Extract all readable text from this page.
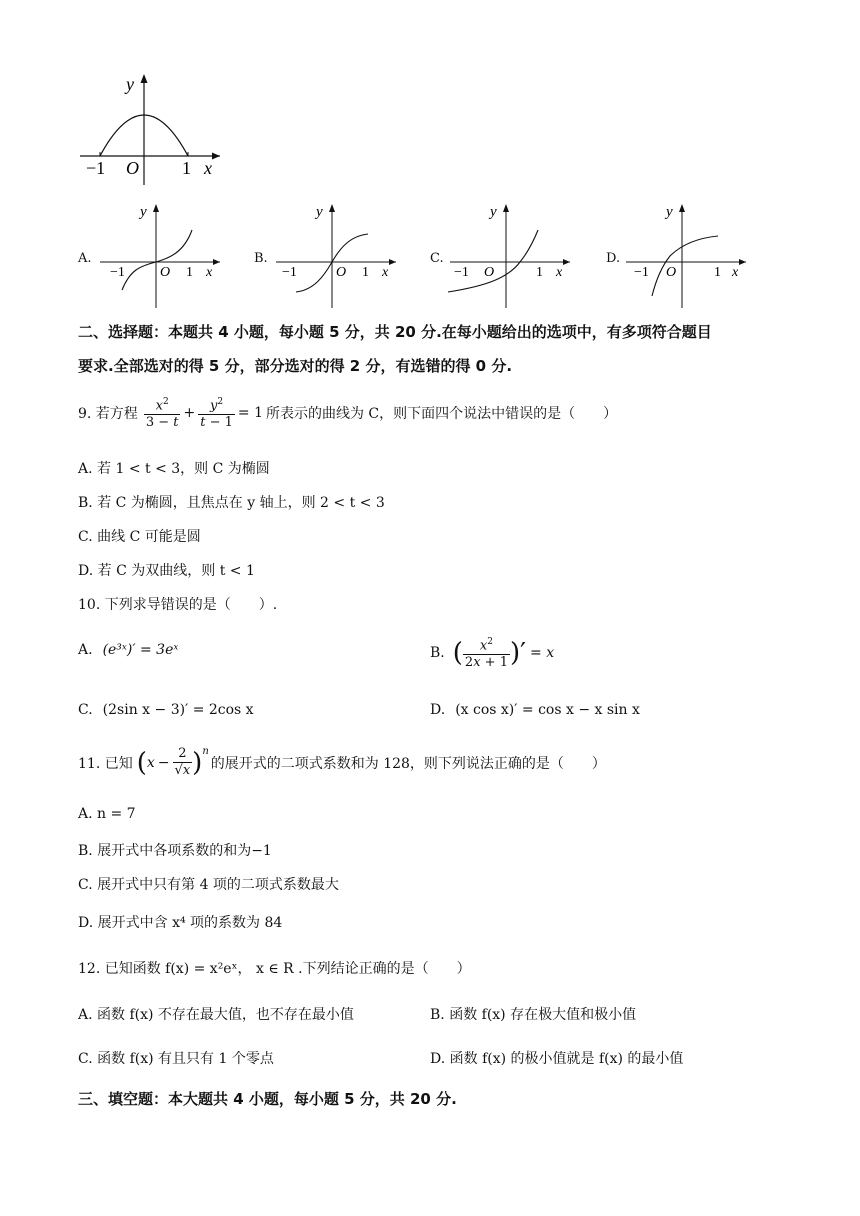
y
x
O
−1	1
A.
y
−1	O 1 x
B.
y
−1	O 1 x
C.
y
−1 O	1 x
D.
y
−1 O	1 x
二、选择题：本题共 4 小题，每小题 5 分，共 20 分.在每小题给出的选项中，有多项符合题目
要求.全部选对的得 5 分，部分选对的得 2 分，有选错的得 0 分.
9. 若方程 $\frac{x^2}{3 - t} + \frac{y^2}{t - 1} = 1$ 所表示的曲线为 C，则下面四个说法中错误的是（　　）
A. 若 1 < t < 3，则 C 为椭圆
B. 若 C 为椭圆，且焦点在 y 轴上，则 2 < t < 3
C. 曲线 C 可能是圆
D. 若 C 为双曲线，则 t < 1
10. 下列求导错误的是（　　）.
A. (e³ˣ)′ = 3eˣ	B. ( $\frac{x^2}{2x + 1}$ )′ = x
C. (2sin x − 3)′ = 2cos x	D. (x cos x)′ = cos x − x sin x
11. 已知 ( $x - \frac{2}{√x} )^n$
的展开式的二项式系数和为 128，则下列说法正确的是（　　）
A. n = 7
B. 展开式中各项系数的和为−1
C. 展开式中只有第 4 项的二项式系数最大
D. 展开式中含 x⁴ 项的系数为 84
12. 已知函数 f(x) = x²eˣ， x ∈ R .下列结论正确的是（　　）
A. 函数 f(x) 不存在最大值，也不存在最小值	B. 函数 f(x) 存在极大值和极小值
C. 函数 f(x) 有且只有 1 个零点	D. 函数 f(x) 的极小值就是 f(x) 的最小值
三、填空题：本大题共 4 小题，每小题 5 分，共 20 分.
